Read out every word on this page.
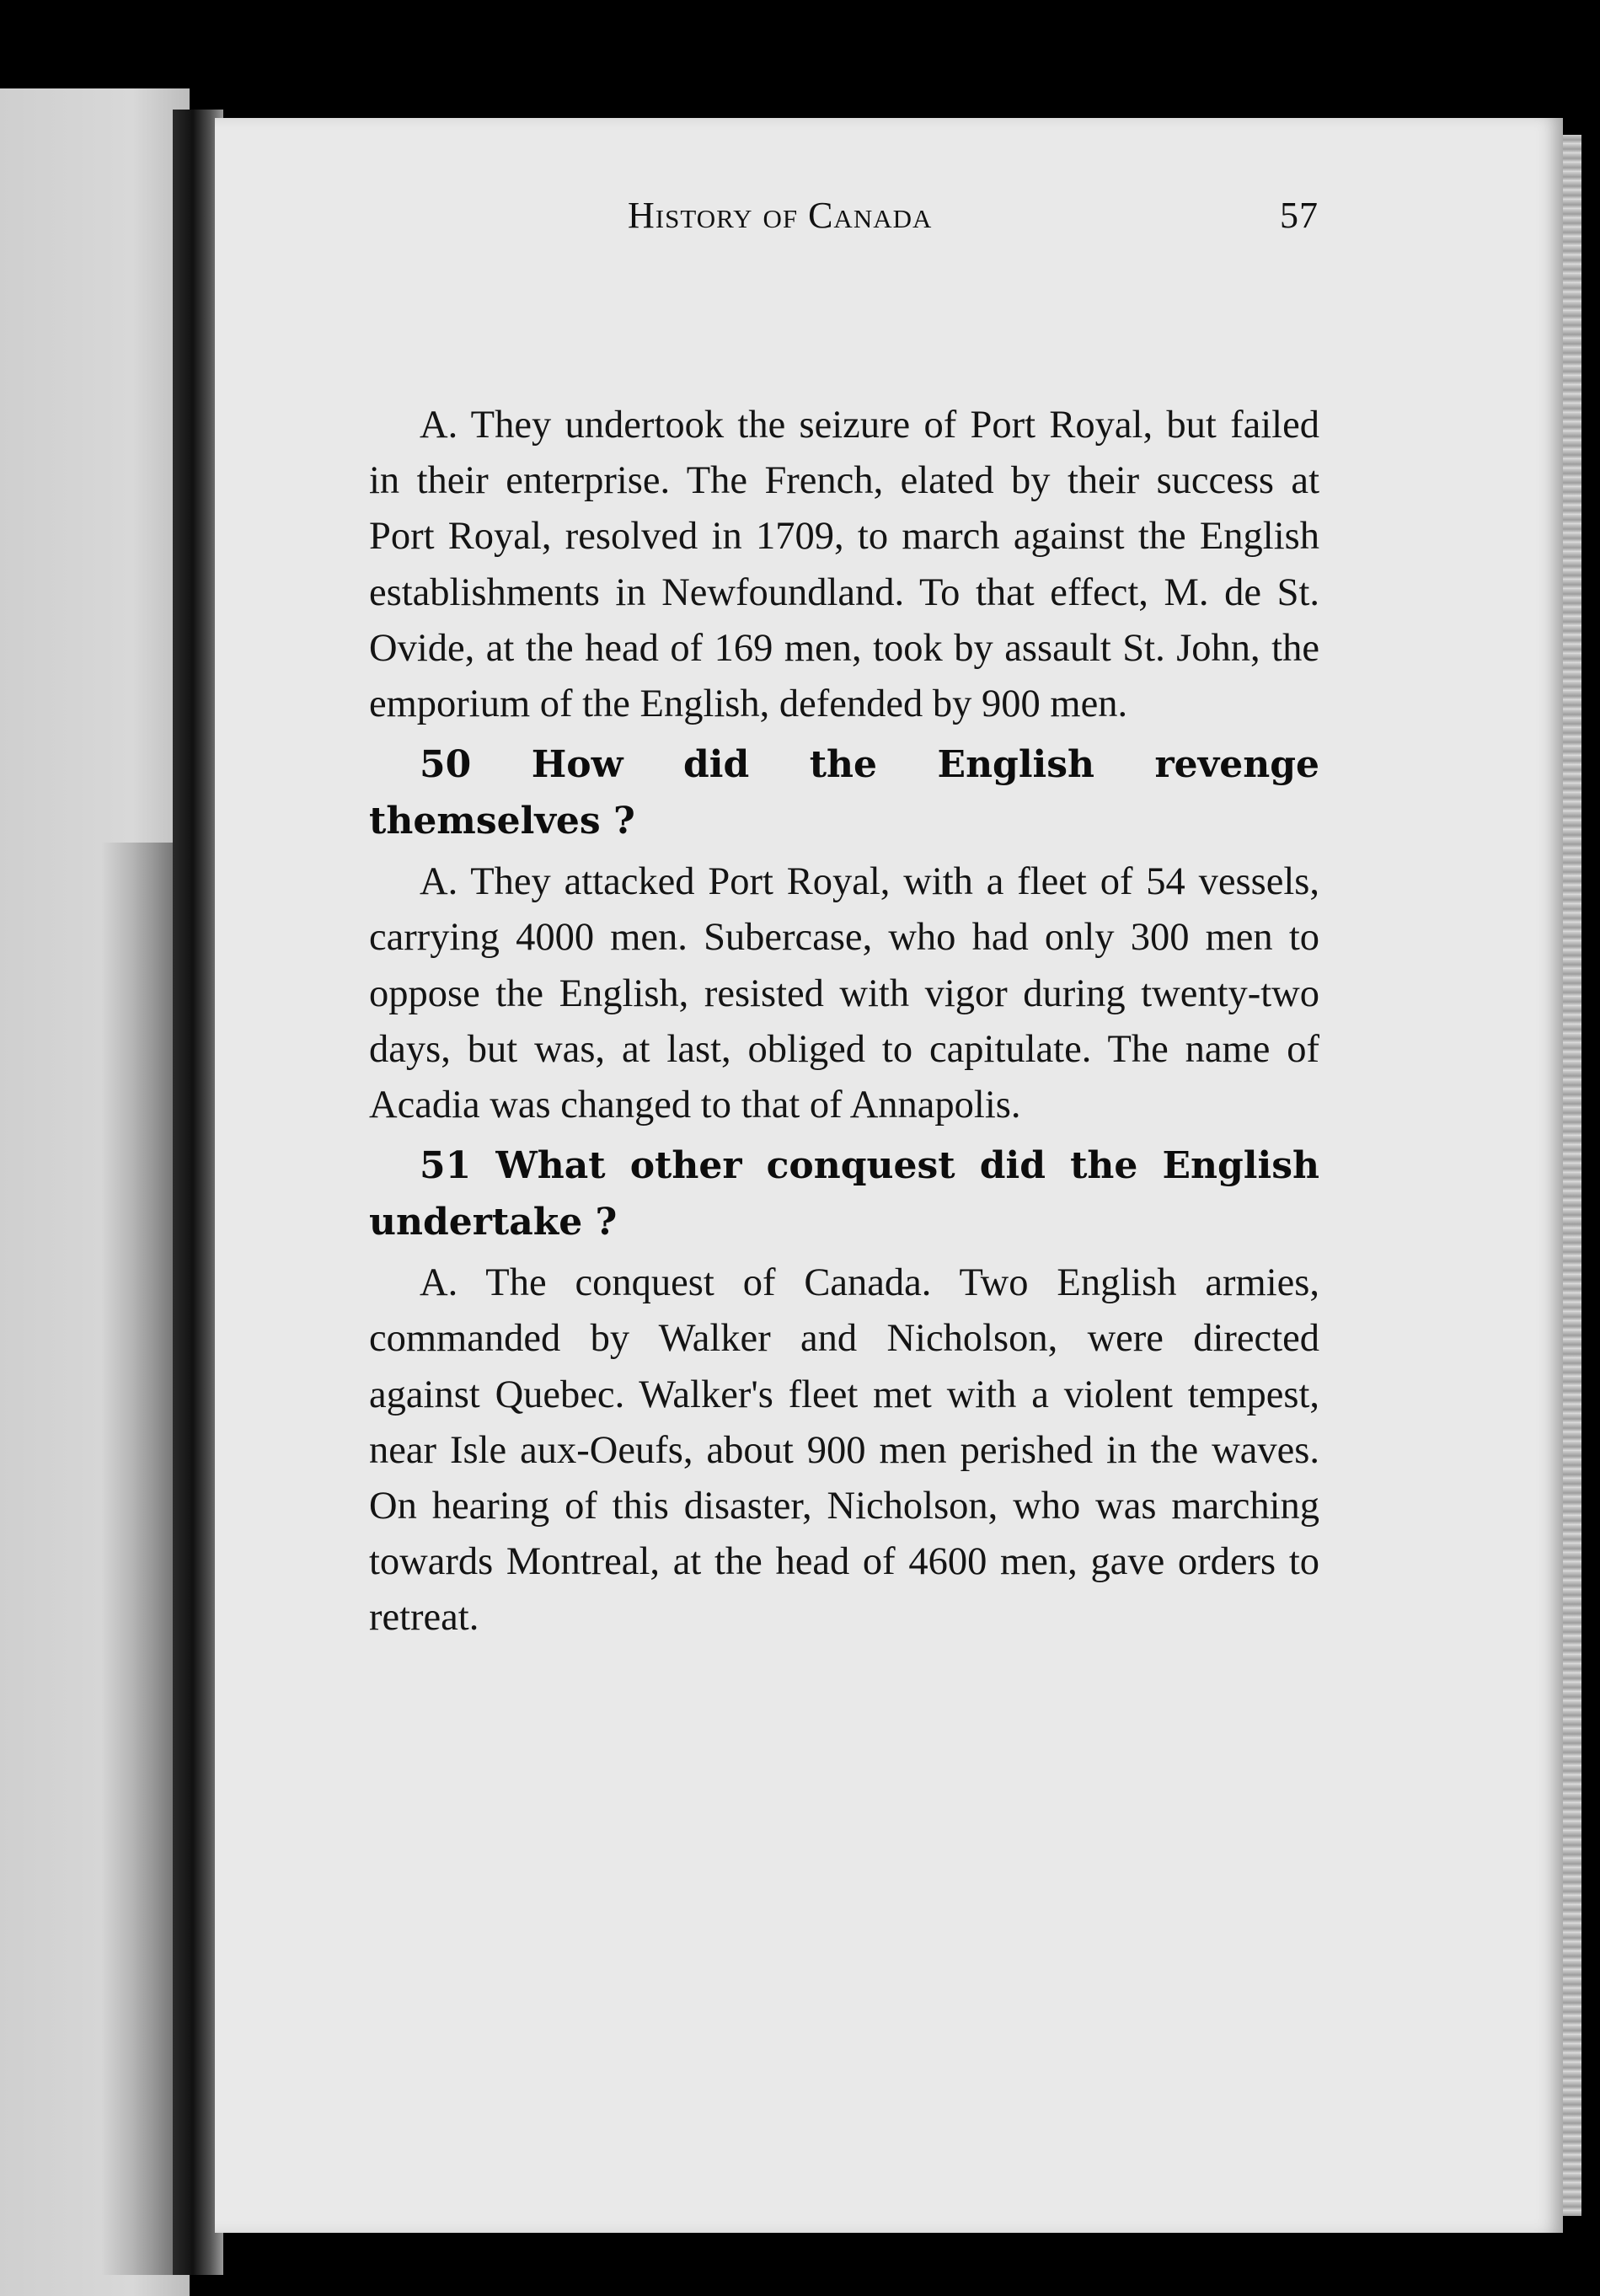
History of Canada	57

A. They undertook the seizure of Port Royal, but failed in their enterprise. The French, elated by their success at Port Royal, resolved in 1709, to march against the English establishments in Newfoundland. To that effect, M. de St. Ovide, at the head of 169 men, took by assault St. John, the emporium of the English, defended by 900 men.

50 How did the English revenge themselves ?

A. They attacked Port Royal, with a fleet of 54 vessels, carrying 4000 men. Subercase, who had only 300 men to oppose the English, resisted with vigor during twenty-two days, but was, at last, obliged to capitulate. The name of Acadia was changed to that of Annapolis.

51 What other conquest did the English undertake ?

A. The conquest of Canada. Two English armies, commanded by Walker and Nicholson, were directed against Quebec. Walker's fleet met with a violent tempest, near Isle aux-Oeufs, about 900 men perished in the waves. On hearing of this disaster, Nicholson, who was marching towards Montreal, at the head of 4600 men, gave orders to retreat.
